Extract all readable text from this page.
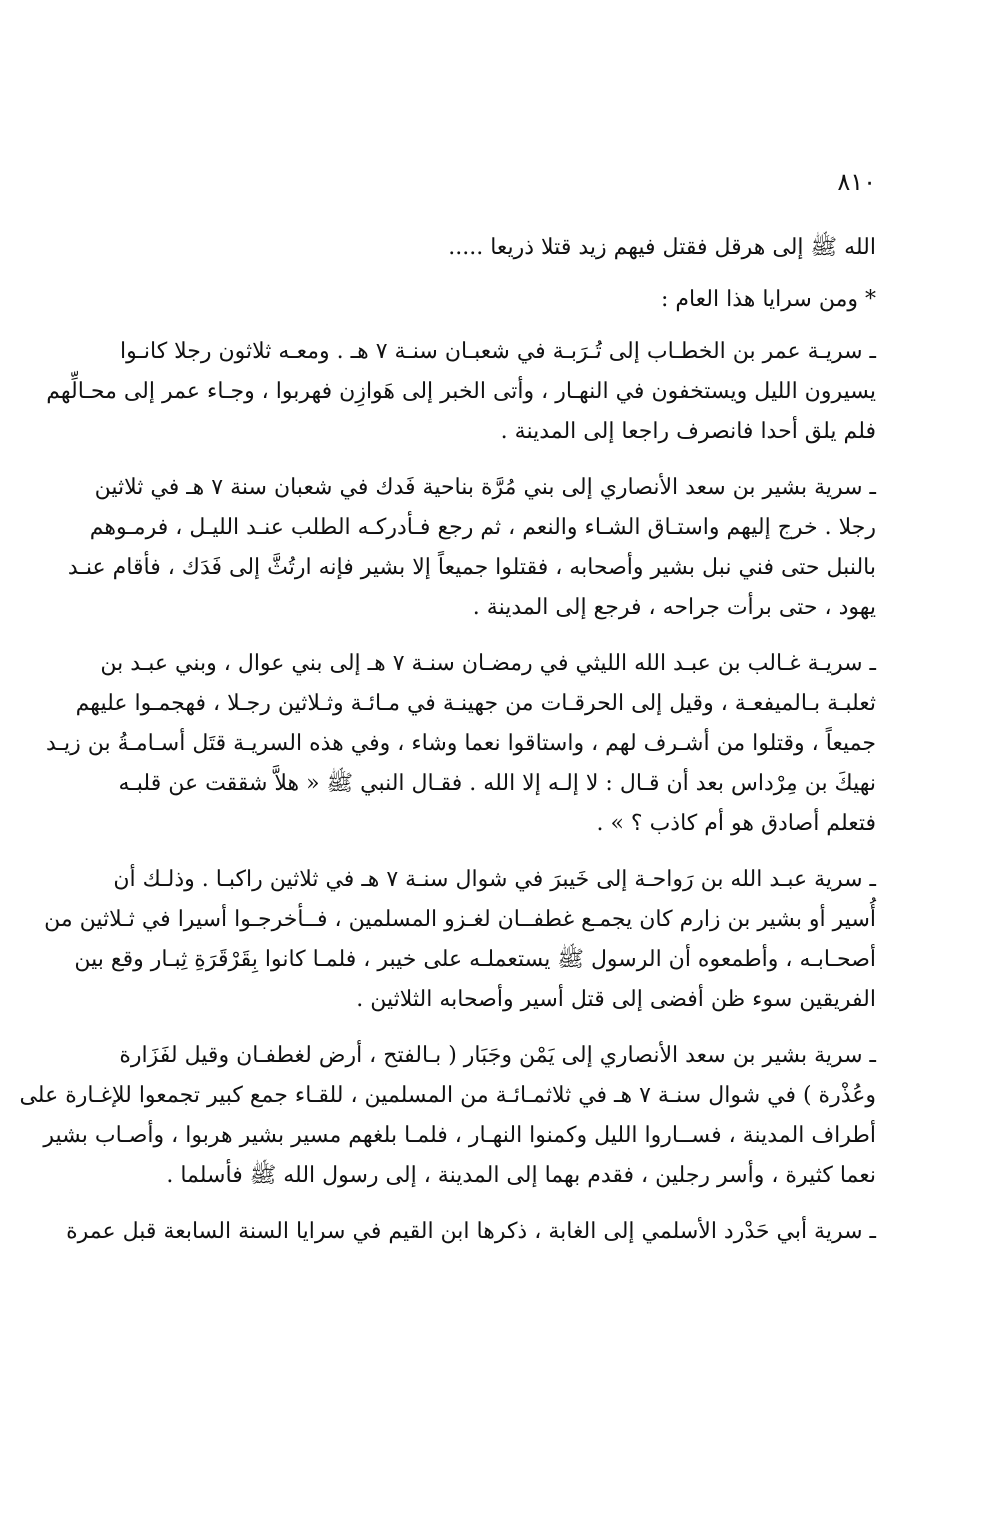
٨١٠

الله ﷺ إلى هرقل فقتل فيهم زيد قتلا ذريعا .....

* ومن سرايا هذا العام :

ـ سريـة عمر بن الخطـاب إلى تُـرَبـة في شعبـان سنـة ٧ هـ . ومعـه ثلاثون رجلا كانـوا
يسيرون الليل ويستخفون في النهـار ، وأتى الخبر إلى هَوازِن فهربوا ، وجـاء عمر إلى محـالِّهم
فلم يلق أحدا فانصرف راجعا إلى المدينة .

ـ سرية بشير بن سعد الأنصاري إلى بني مُرَّة بناحية فَدك في شعبان سنة ٧ هـ في ثلاثين
رجلا . خرج إليهم واستـاق الشـاء والنعم ، ثم رجع فـأدركـه الطلب عنـد الليـل ، فرمـوهم
بالنبل حتى فني نبل بشير وأصحابه ، فقتلوا جميعاً إلا بشير فإنه ارتُثَّ إلى فَدَك ، فأقام عنـد
يهود ، حتى برأت جراحه ، فرجع إلى المدينة .

ـ سريـة غـالب بن عبـد الله الليثي في رمضـان سنـة ٧ هـ إلى بني عوال ، وبني عبـد بن
ثعلبـة بـالميفعـة ، وقيل إلى الحرقـات من جهينـة في مـائـة وثـلاثين رجـلا ، فهجمـوا عليهم
جميعاً ، وقتلوا من أشـرف لهم ، واستاقوا نعما وشاء ، وفي هذه السريـة قتَل أسـامـةُ بن زيـد
نهيكَ بن مِرْداس بعد أن قـال : لا إلـه إلا الله . فقـال النبي ﷺ « هلاَّ شققت عن قلبـه
فتعلم أصادق هو أم كاذب ؟ » .

ـ سرية عبـد الله بن رَواحـة إلى خَيبرَ في شوال سنـة ٧ هـ في ثلاثين راكبـا . وذلـك أن
أُسير أو بشير بن زارم كان يجمـع غطفــان لغـزو المسلمين ، فــأخرجـوا أسيرا في ثـلاثين من
أصحـابـه ، وأطمعوه أن الرسول ﷺ يستعملـه على خيبر ، فلمـا كانوا بِقَرْقَرَةِ ثِبـار وقع بين
الفريقين سوء ظن أفضى إلى قتل أسير وأصحابه الثلاثين .

ـ سرية بشير بن سعد الأنصاري إلى يَمْن وجَبَار ( بـالفتح ، أرض لغطفـان وقيل لفَزَارة
وعُذْرة ) في شوال سنـة ٧ هـ في ثلاثمـائـة من المسلمين ، للقـاء جمع كبير تجمعوا للإغـارة على
أطراف المدينة ، فســاروا الليل وكمنوا النهـار ، فلمـا بلغهم مسير بشير هربوا ، وأصـاب بشير
نعما كثيرة ، وأسر رجلين ، فقدم بهما إلى المدينة ، إلى رسول الله ﷺ فأسلما .

ـ سرية أبي حَدْرد الأسلمي إلى الغابة ، ذكرها ابن القيم في سرايا السنة السابعة قبل عمرة
